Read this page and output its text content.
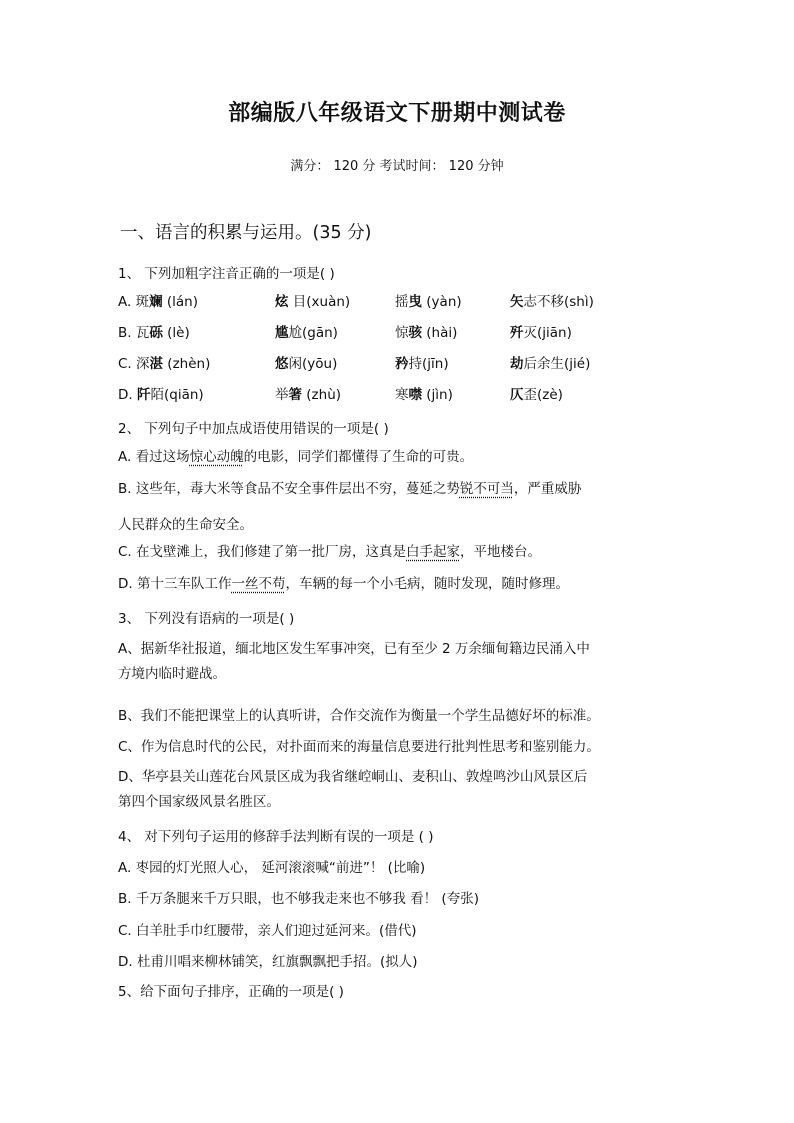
部编版八年级语文下册期中测试卷
满分： 120 分 考试时间： 120 分钟
一、语言的积累与运用。(35 分)
1、 下列加粗字注音正确的一项是( )
A. 斑斓 (lán)	炫 目(xuàn)	摇曳 (yàn)	矢志不移(shì)
B. 瓦砾 (lè)	尴尬(gān)	惊骇 (hài)	歼灭(jiān)
C. 深湛 (zhèn)	悠闲(yōu)	矜持(jīn)	劫后余生(jié)
D. 阡陌(qiān)	举箸 (zhù)	寒噤 (jìn)	仄歪(zè)
2、 下列句子中加点成语使用错误的一项是( )
A. 看过这场惊心动魄的电影，同学们都懂得了生命的可贵。
B. 这些年，毒大米等食品不安全事件层出不穷，蔓延之势锐不可当，严重威胁
人民群众的生命安全。
C. 在戈壁滩上，我们修建了第一批厂房，这真是白手起家，平地楼台。
D. 第十三车队工作一丝不苟，车辆的每一个小毛病，随时发现，随时修理。
3、 下列没有语病的一项是( )
A、据新华社报道，缅北地区发生军事冲突，已有至少 2 万余缅甸籍边民涌入中
方境内临时避战。
B、我们不能把课堂上的认真听讲，合作交流作为衡量一个学生品德好坏的标准。
C、作为信息时代的公民，对扑面而来的海量信息要进行批判性思考和鉴别能力。
D、华亭县关山莲花台风景区成为我省继崆峒山、麦积山、敦煌鸣沙山风景区后
第四个国家级风景名胜区。
4、 对下列句子运用的修辞手法判断有误的一项是 ( )
A. 枣园的灯光照人心， 延河滚滚喊“前进”！ (比喻)
B. 千万条腿来千万只眼，也不够我走来也不够我 看！ (夸张)
C. 白羊肚手巾红腰带，亲人们迎过延河来。(借代)
D. 杜甫川唱来柳林铺笑，红旗飘飘把手招。(拟人)
5、给下面句子排序，正确的一项是( )
